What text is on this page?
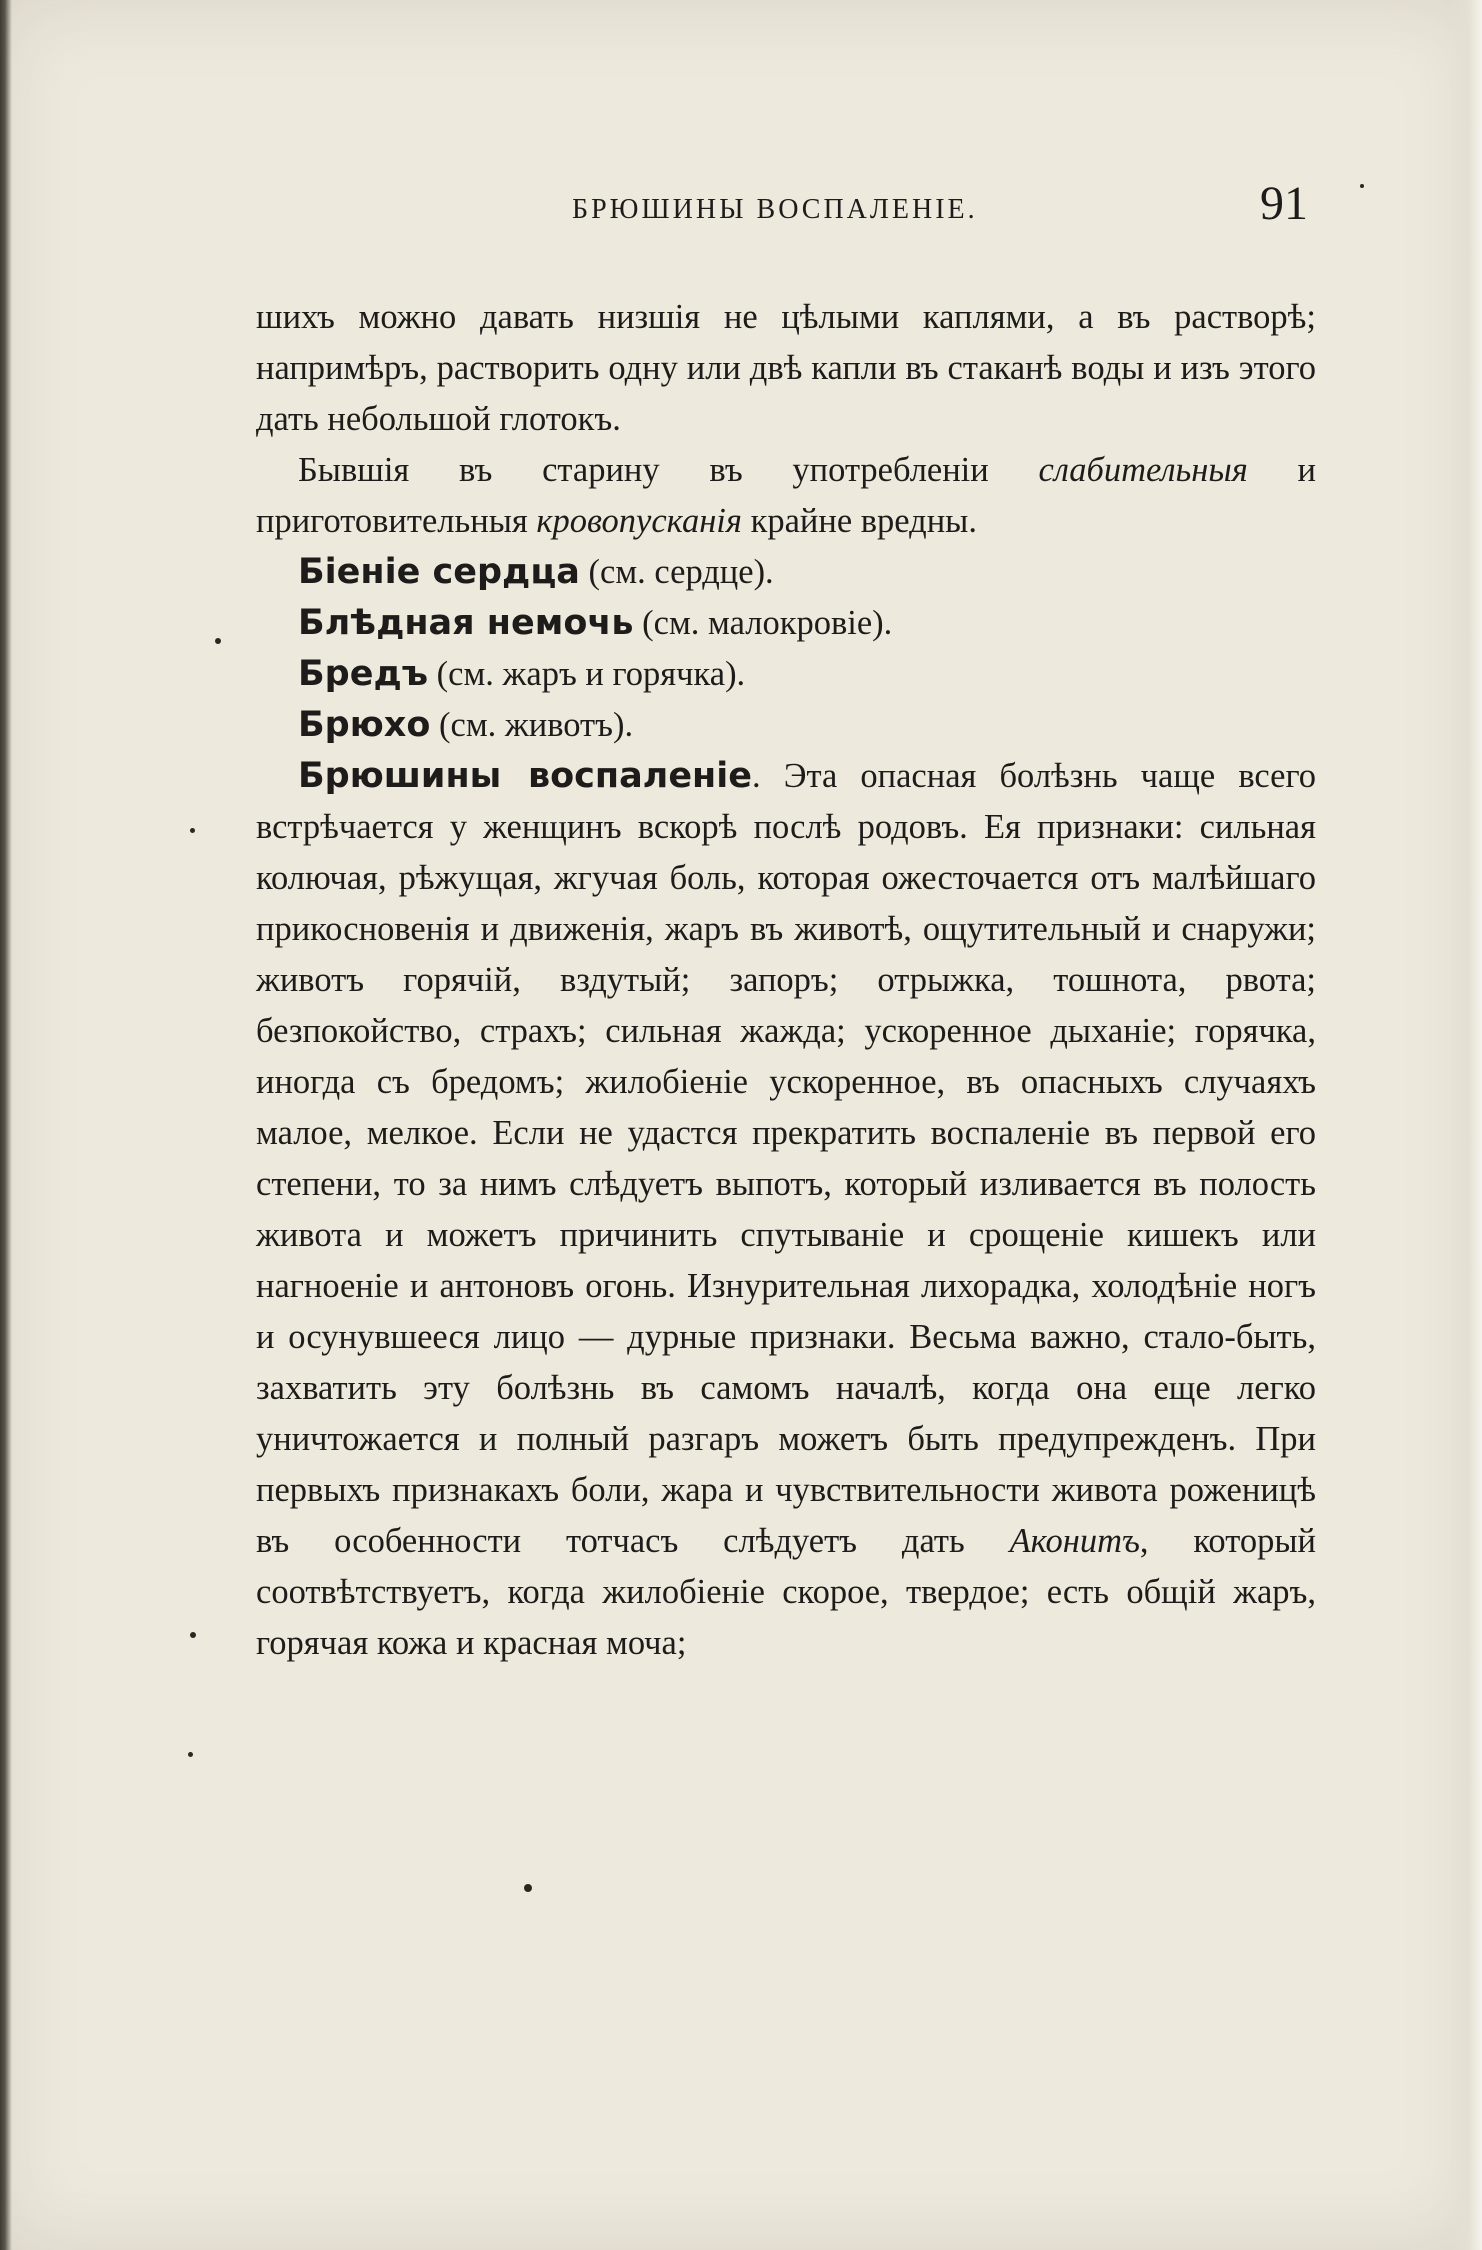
БРЮШИНЫ ВОСПАЛЕНІЕ.	91

шихъ можно давать низшія не цѣлыми каплями, а въ растворѣ; напримѣръ, растворить одну или двѣ капли въ стаканѣ воды и изъ этого дать небольшой глотокъ.

Бывшія въ старину въ употребленіи слабительныя и приготовительныя кровопусканія крайне вредны.

Біеніе сердца (см. сердце).

Блѣдная немочь (см. малокровіе).

Бредъ (см. жаръ и горячка).

Брюхо (см. животъ).

Брюшины воспаленіе. Эта опасная болѣзнь чаще всего встрѣчается у женщинъ вскорѣ послѣ родовъ. Ея признаки: сильная колючая, рѣжущая, жгучая боль, которая ожесточается отъ малѣйшаго прикосновенія и движенія, жаръ въ животѣ, ощутительный и снаружи; животъ горячій, вздутый; запоръ; отрыжка, тошнота, рвота; безпокойство, страхъ; сильная жажда; ускоренное дыханіе; горячка, иногда съ бредомъ; жилобіеніе ускоренное, въ опасныхъ случаяхъ малое, мелкое. Если не удастся прекратить воспаленіе въ первой его степени, то за нимъ слѣдуетъ выпотъ, который изливается въ полость живота и можетъ причинить спутываніе и срощеніе кишекъ или нагноеніе и антоновъ огонь. Изнурительная лихорадка, холодѣніе ногъ и осунувшееся лицо — дурные признаки. Весьма важно, стало-быть, захватить эту болѣзнь въ самомъ началѣ, когда она еще легко уничтожается и полный разгаръ можетъ быть предупрежденъ. При первыхъ признакахъ боли, жара и чувствительности живота роженицѣ въ особенности тотчасъ слѣдуетъ дать Аконитъ, который соотвѣтствуетъ, когда жилобіеніе скорое, твердое; есть общій жаръ, горячая кожа и красная моча;
